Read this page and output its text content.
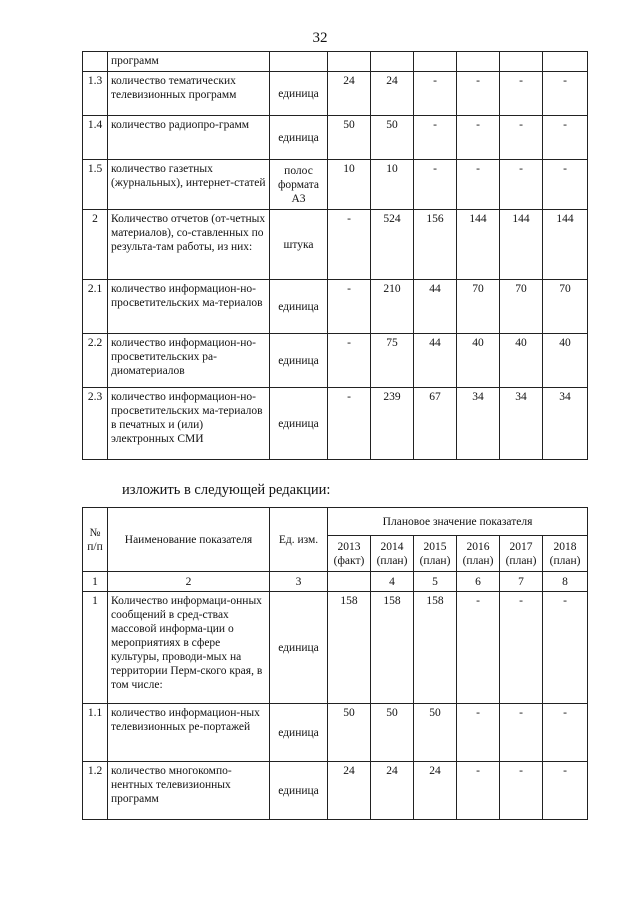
32
	программ							
1.3	количество тематических телевизионных программ	единица	24	24	-	-	-	-
1.4	количество радиопро-грамм	единица	50	50	-	-	-	-
1.5	количество газетных (журнальных), интернет-статей	полос формата А3	10	10	-	-	-	-
2	Количество отчетов (от-четных материалов), со-ставленных по результа-там работы, из них:	штука	-	524	156	144	144	144
2.1	количество информацион-но-просветительских ма-териалов	единица	-	210	44	70	70	70
2.2	количество информацион-но-просветительских ра-диоматериалов	единица	-	75	44	40	40	40
2.3	количество информацион-но-просветительских ма-териалов в печатных и (или) электронных СМИ	единица	-	239	67	34	34	34
изложить в следующей редакции:
№ п/п	Наименование показателя	Ед. изм.	Плановое значение показателя					
			2013 (факт)	2014 (план)	2015 (план)	2016 (план)	2017 (план)	2018 (план)
1	2	3		4	5	6	7	8
1	Количество информаци-онных сообщений в сред-ствах массовой информа-ции о мероприятиях в сфере культуры, проводи-мых на территории Перм-ского края, в том числе:	единица	158	158	158	-	-	-
1.1	количество информацион-ных телевизионных ре-портажей	единица	50	50	50	-	-	-
1.2	количество многокомпо-нентных телевизионных программ	единица	24	24	24	-	-	-
